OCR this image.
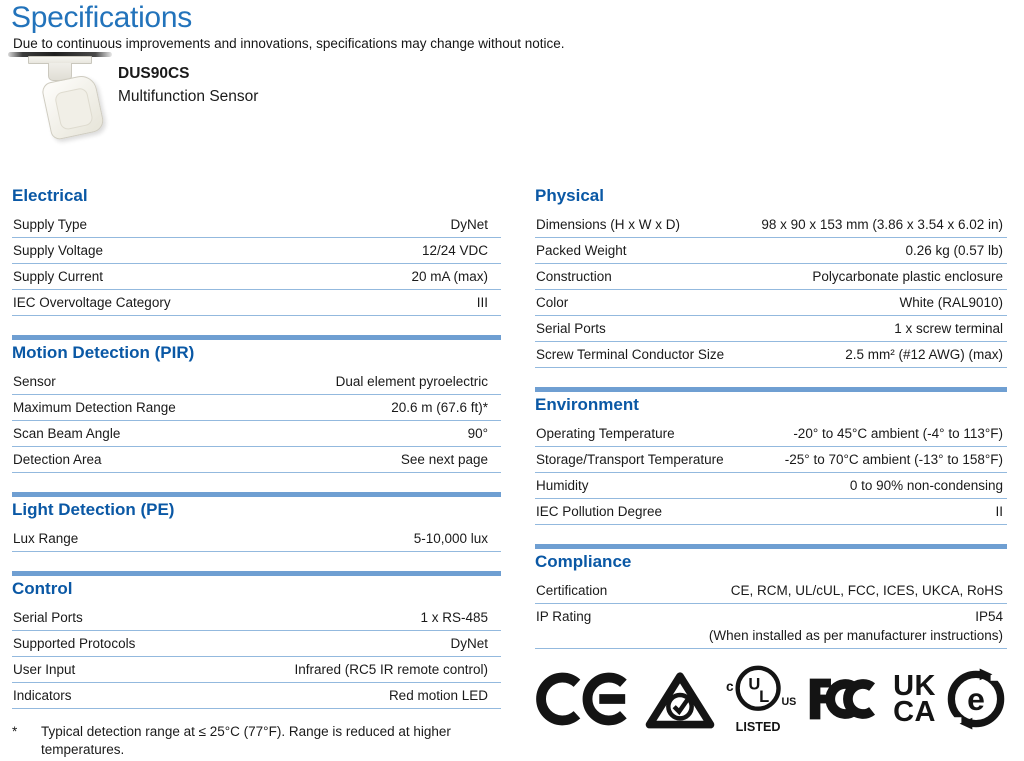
Specifications
Due to continuous improvements and innovations, specifications may change without notice.
DUS90CS
Multifunction Sensor
Electrical
Supply Type	DyNet
Supply Voltage	12/24 VDC
Supply Current	20 mA (max)
IEC Overvoltage Category	III
Motion Detection (PIR)
Sensor	Dual element pyroelectric
Maximum Detection Range	20.6 m (67.6 ft)*
Scan Beam Angle	90°
Detection Area	See next page
Light Detection (PE)
Lux Range	5-10,000 lux
Control
Serial Ports	1 x RS-485
Supported Protocols	DyNet
User Input	Infrared (RC5 IR remote control)
Indicators	Red motion LED
*	Typical detection range at ≤ 25°C (77°F). Range is reduced at higher temperatures.
Physical
Dimensions (H x W x D)	98 x 90 x 153 mm (3.86 x 3.54 x 6.02 in)
Packed Weight	0.26 kg (0.57 lb)
Construction	Polycarbonate plastic enclosure
Color	White (RAL9010)
Serial Ports	1 x screw terminal
Screw Terminal Conductor Size	2.5 mm² (#12 AWG) (max)
Environment
Operating Temperature	-20° to 45°C ambient (-4° to 113°F)
Storage/Transport Temperature	-25° to 70°C ambient (-13° to 158°F)
Humidity	0 to 90% non-condensing
IEC Pollution Degree	II
Compliance
Certification	CE, RCM, UL/cUL, FCC, ICES, UKCA, RoHS
IP Rating	IP54
(When installed as per manufacturer instructions)
c U
L US
LISTED
UK
CA e
